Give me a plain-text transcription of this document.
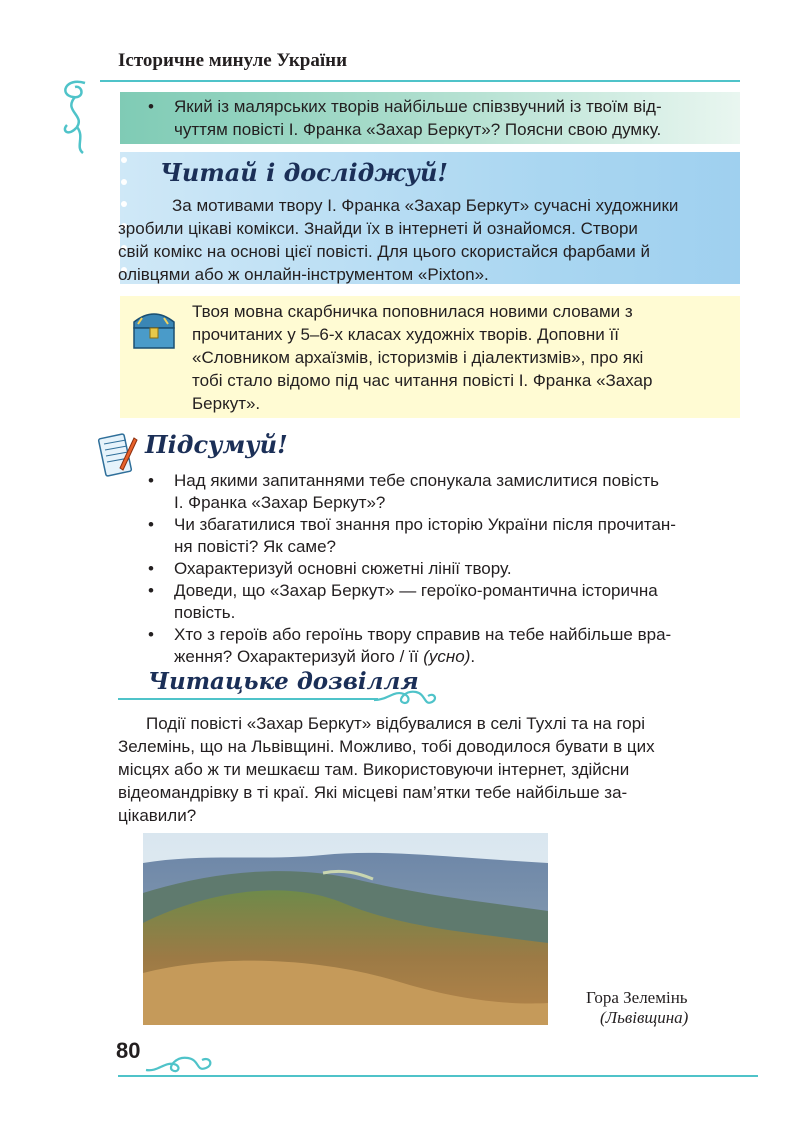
Історичне минуле України
•	Який із малярських творів найбільше співзвучний із твоїм від-
чуттям повісті І. Франка «Захар Беркут»? Поясни свою думку.
Читай і досліджуй!
За мотивами твору І. Франка «Захар Беркут» сучасні художники
зробили цікаві комікси. Знайди їх в інтернеті й ознайомся. Створи
свій комікс на основі цієї повісті. Для цього скористайся фарбами й
олівцями або ж онлайн-інструментом «Pixton».
Твоя мовна скарбничка поповнилася новими словами з
прочитаних у 5–6-х класах художніх творів. Доповни її
«Словником архаїзмів, історизмів і діалектизмів», про які
тобі стало відомо під час читання повісті І. Франка «Захар
Беркут».
Підсумуй!
•	Над якими запитаннями тебе спонукала замислитися повість
І. Франка «Захар Беркут»?
•	Чи збагатилися твої знання про історію України після прочитан-
ня повісті? Як саме?
•	Охарактеризуй основні сюжетні лінії твору.
•	Доведи, що «Захар Беркут» — героїко-романтична історична
повість.
•	Хто з героїв або героїнь твору справив на тебе найбільше вра-
ження? Охарактеризуй його / її (усно).
Читацьке дозвілля
Події повісті «Захар Беркут» відбувалися в селі Тухлі та на горі
Зелемінь, що на Львівщині. Можливо, тобі доводилося бувати в цих
місцях або ж ти мешкаєш там. Використовуючи інтернет, здійсни
відеомандрівку в ті краї. Які місцеві пам’ятки тебе найбільше за-
цікавили?
Гора Зелемінь
(Львівщина)
80
